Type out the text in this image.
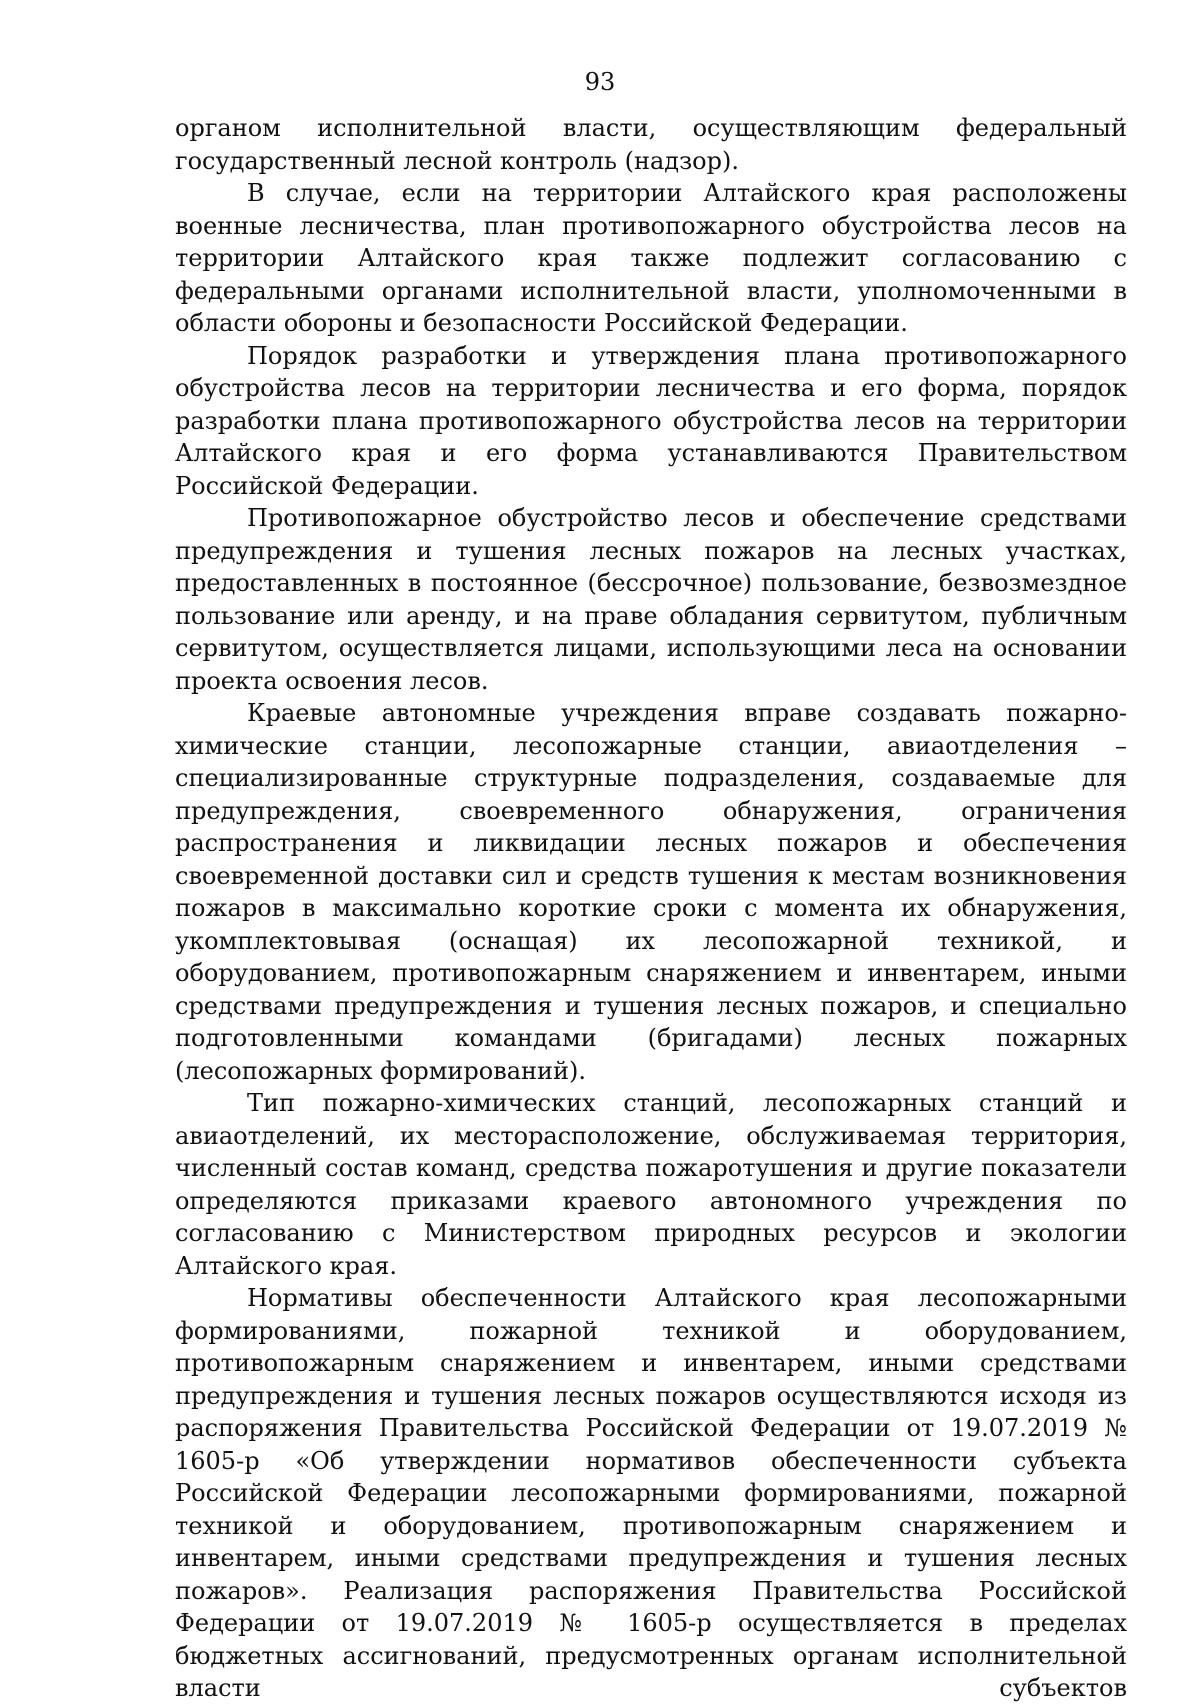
93

органом исполнительной власти, осуществляющим федеральный государственный лесной контроль (надзор).

В случае, если на территории Алтайского края расположены военные лесничества, план противопожарного обустройства лесов на территории Алтайского края также подлежит согласованию с федеральными органами исполнительной власти, уполномоченными в области обороны и безопасности Российской Федерации.

Порядок разработки и утверждения плана противопожарного обустройства лесов на территории лесничества и его форма, порядок разработки плана противопожарного обустройства лесов на территории Алтайского края и его форма устанавливаются Правительством Российской Федерации.

Противопожарное обустройство лесов и обеспечение средствами предупреждения и тушения лесных пожаров на лесных участках, предоставленных в постоянное (бессрочное) пользование, безвозмездное пользование или аренду, и на праве обладания сервитутом, публичным сервитутом, осуществляется лицами, использующими леса на основании проекта освоения лесов.

Краевые автономные учреждения вправе создавать пожарно-химические станции, лесопожарные станции, авиаотделения – специализированные структурные подразделения, создаваемые для предупреждения, своевременного обнаружения, ограничения распространения и ликвидации лесных пожаров и обеспечения своевременной доставки сил и средств тушения к местам возникновения пожаров в максимально короткие сроки с момента их обнаружения, укомплектовывая (оснащая) их лесопожарной техникой, и оборудованием, противопожарным снаряжением и инвентарем, иными средствами предупреждения и тушения лесных пожаров, и специально подготовленными командами (бригадами) лесных пожарных (лесопожарных формирований).

Тип пожарно-химических станций, лесопожарных станций и авиаотделений, их месторасположение, обслуживаемая территория, численный состав команд, средства пожаротушения и другие показатели определяются приказами краевого автономного учреждения по согласованию с Министерством природных ресурсов и экологии Алтайского края.

Нормативы обеспеченности Алтайского края лесопожарными формированиями, пожарной техникой и оборудованием, противопожарным снаряжением и инвентарем, иными средствами предупреждения и тушения лесных пожаров осуществляются исходя из распоряжения Правительства Российской Федерации от 19.07.2019 № 1605-р «Об утверждении нормативов обеспеченности субъекта Российской Федерации лесопожарными формированиями, пожарной техникой и оборудованием, противопожарным снаряжением и инвентарем, иными средствами предупреждения и тушения лесных пожаров». Реализация распоряжения Правительства Российской Федерации от 19.07.2019 № 1605-р осуществляется в пределах бюджетных ассигнований, предусмотренных органам исполнительной власти субъектов
